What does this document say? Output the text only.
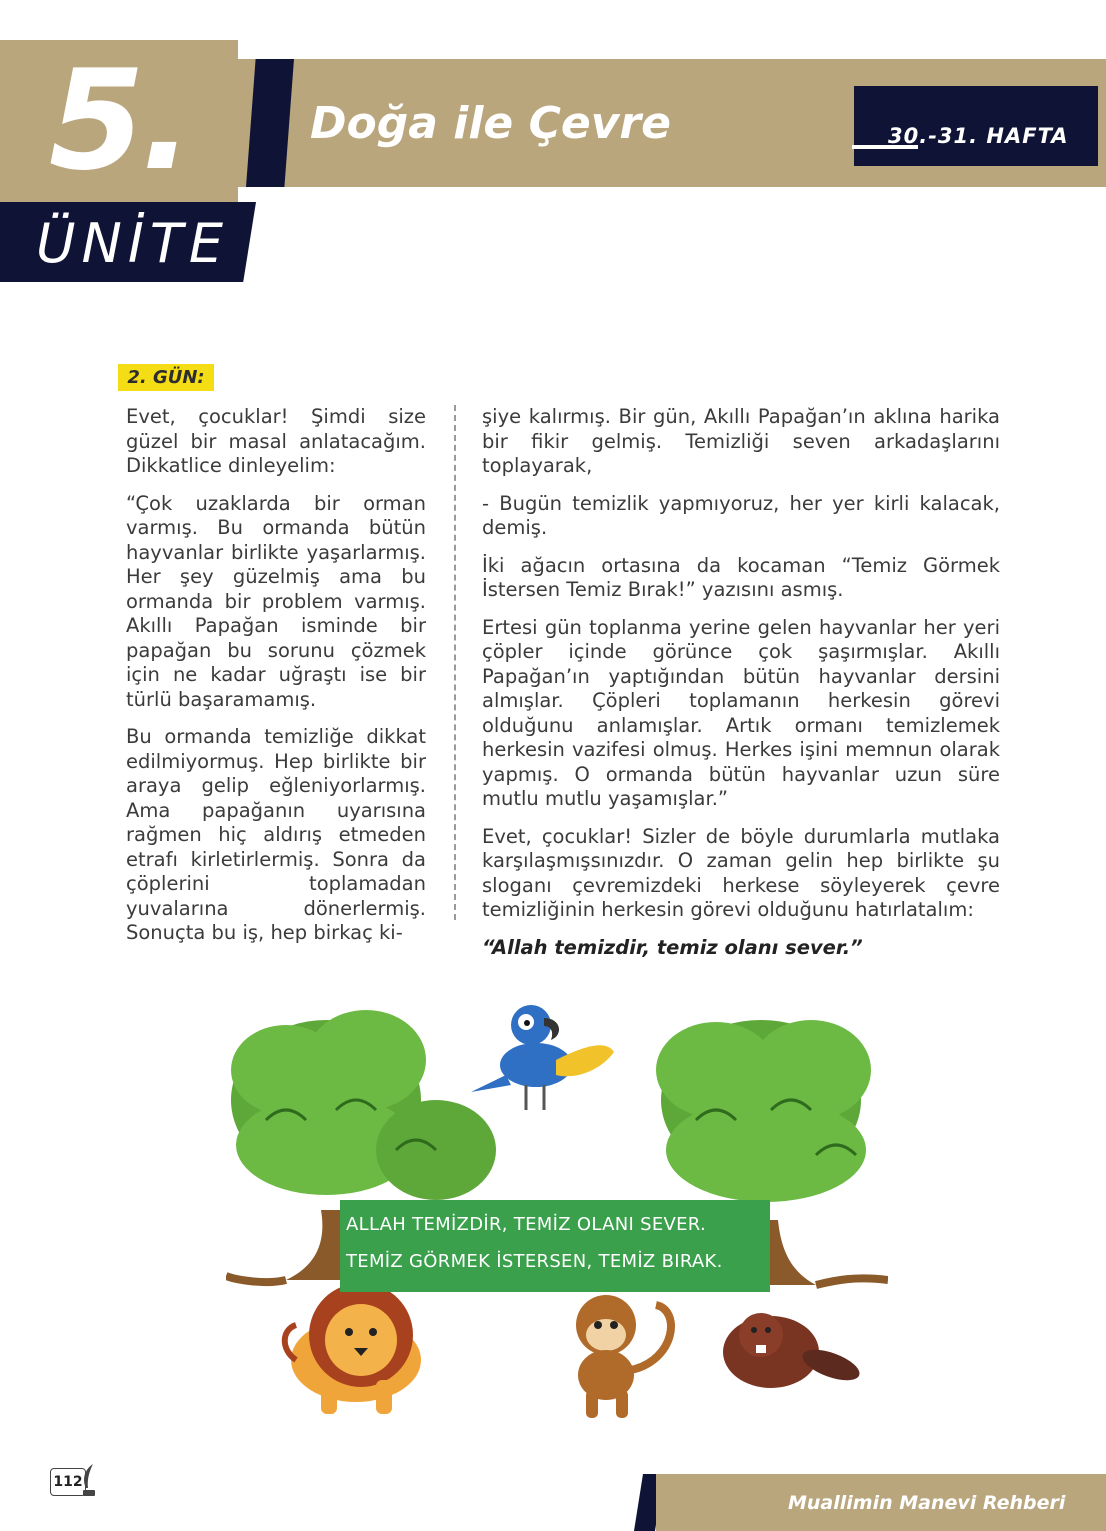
5.
ÜNİTE
Doğa ile Çevre	30.-31. HAFTA
2. GÜN:

Evet, çocuklar! Şimdi size güzel bir masal anlatacağım. Dikkatlice dinleyelim:

“Çok uzaklarda bir orman varmış. Bu ormanda bütün hayvanlar birlikte yaşarlarmış. Her şey güzelmiş ama bu ormanda bir problem varmış. Akıllı Papağan isminde bir papağan bu sorunu çözmek için ne kadar uğraştı ise bir türlü başaramamış.

Bu ormanda temizliğe dikkat edilmiyormuş. Hep birlikte bir araya gelip eğleniyorlarmış. Ama papağanın uyarısına rağmen hiç aldırış etmeden etrafı kirletirlermiş. Sonra da çöplerini toplamadan yuvalarına dönerlermiş. Sonuçta bu iş, hep birkaç ki-

şiye kalırmış. Bir gün, Akıllı Papağan’ın aklına harika bir fikir gelmiş. Temizliği seven arkadaşlarını toplayarak,

- Bugün temizlik yapmıyoruz, her yer kirli kalacak, demiş.

İki ağacın ortasına da kocaman “Temiz Görmek İstersen Temiz Bırak!” yazısını asmış.

Ertesi gün toplanma yerine gelen hayvanlar her yeri çöpler içinde görünce çok şaşırmışlar. Akıllı Papağan’ın yaptığından bütün hayvanlar dersini almışlar. Çöpleri toplamanın herkesin görevi olduğunu anlamışlar. Artık ormanı temizlemek herkesin vazifesi olmuş. Herkes işini memnun olarak yapmış. O ormanda bütün hayvanlar uzun süre mutlu mutlu yaşamışlar.”

Evet, çocuklar! Sizler de böyle durumlarla mutlaka karşılaşmışsınızdır. O zaman gelin hep birlikte şu sloganı çevremizdeki herkese söyleyerek çevre temizliğinin herkesin görevi olduğunu hatırlatalım:

“Allah temizdir, temiz olanı sever.”

ALLAH TEMİZDİR, TEMİZ OLANI SEVER.
TEMİZ GÖRMEK İSTERSEN, TEMİZ BIRAK.
112
Muallimin Manevi Rehberi
